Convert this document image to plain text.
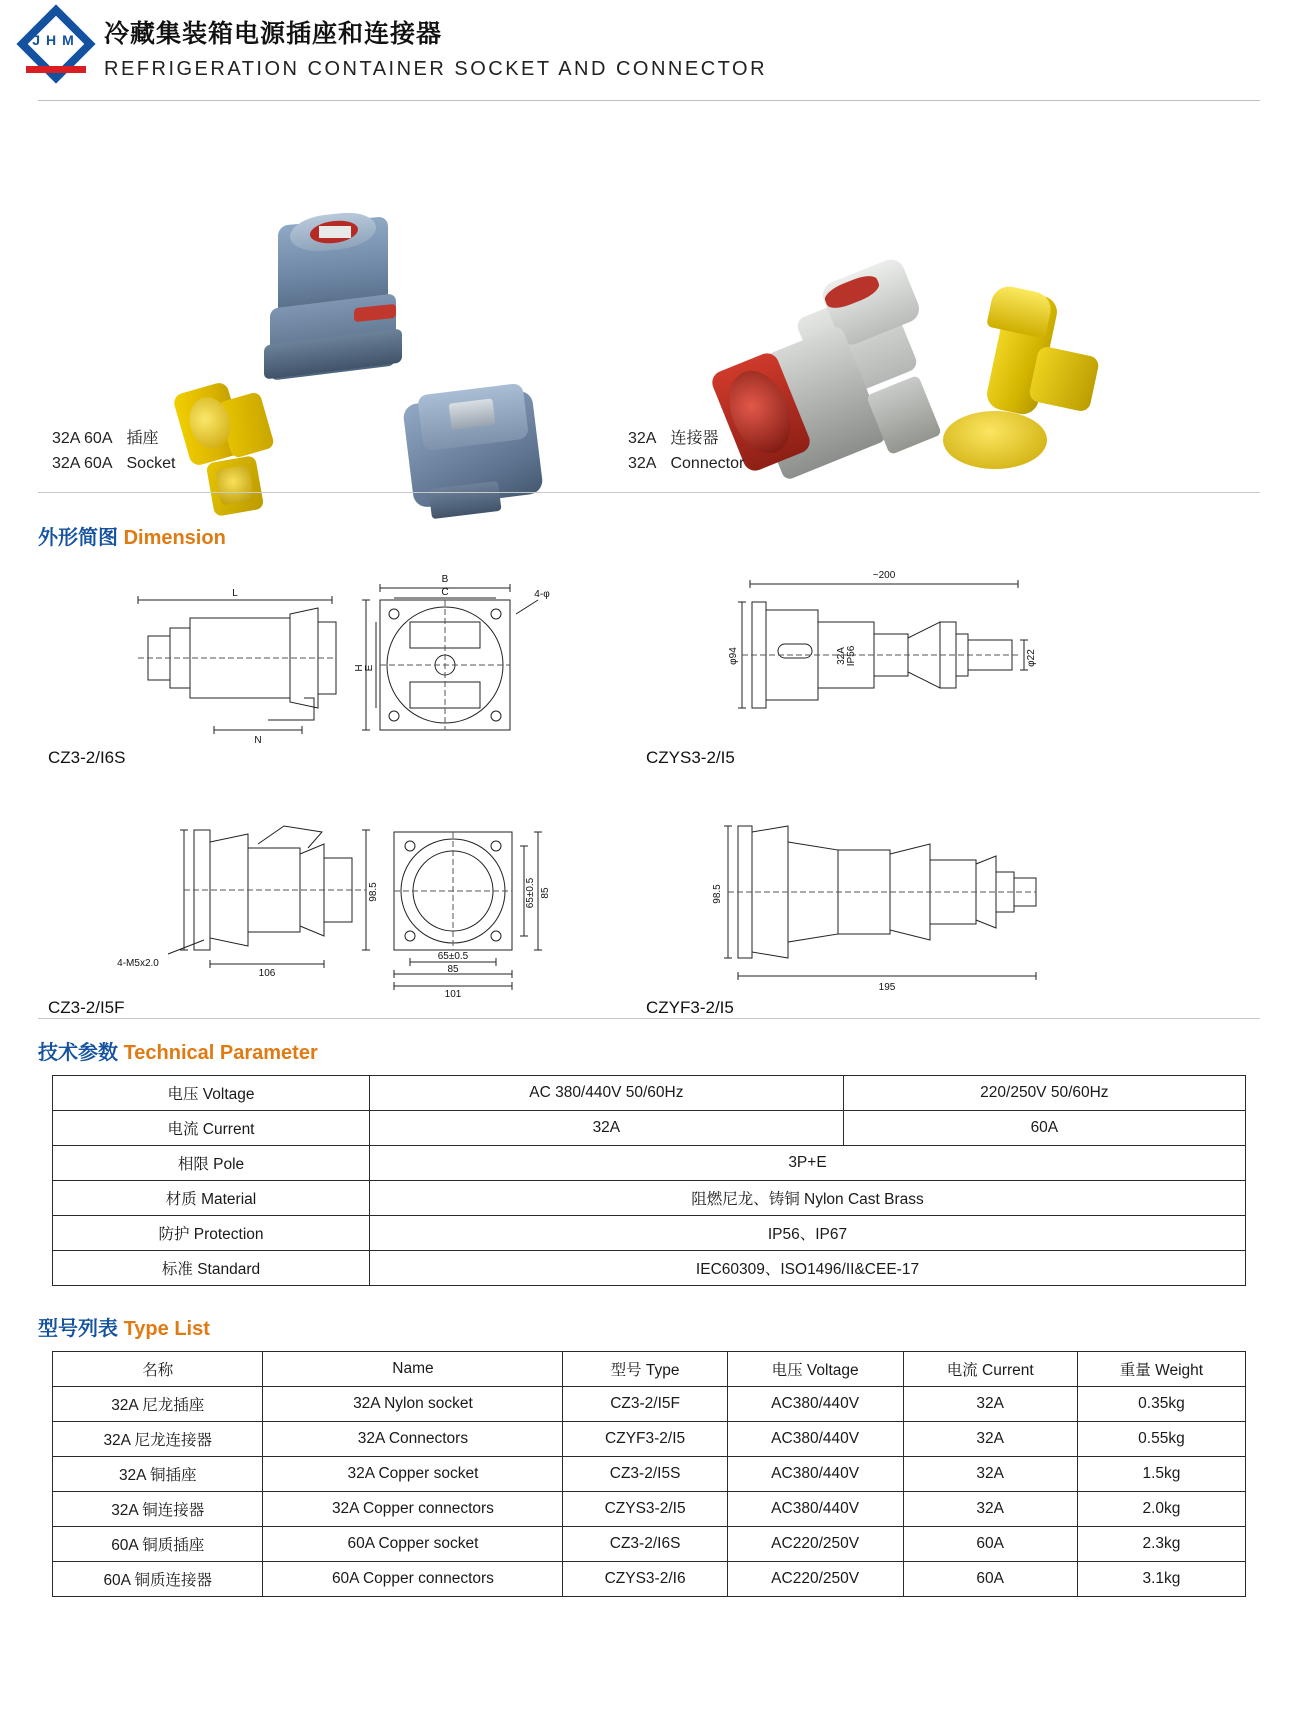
JHM 冷藏集装箱电源插座和连接器
REFRIGERATION CONTAINER SOCKET AND CONNECTOR
32A 60A 插座
32A 60A Socket
32A 连接器
32A Connector
外形简图 Dimension
L
N
B
C	4-φ
H E
CZ3-2/I6S
~200
φ94	IP56
32A	φ22
CZYS3-2/I5
98.5
106
4-M5x2.0
65±0.5
85
101
65±0.5 85
CZ3-2/I5F
98.5
195
CZYF3-2/I5
技术参数 Technical Parameter
电压 Voltage	AC 380/440V 50/60Hz	220/250V 50/60Hz
电流 Current	32A	60A
相限 Pole	3P+E	
材质 Material	阻燃尼龙、铸铜 Nylon Cast Brass	
防护 Protection	IP56、IP67	
标准 Standard	IEC60309、ISO1496/II&CEE-17	
型号列表 Type List
名称	Name	型号 Type	电压 Voltage	电流 Current	重量 Weight
32A 尼龙插座	32A Nylon socket	CZ3-2/I5F	AC380/440V	32A	0.35kg
32A 尼龙连接器	32A Connectors	CZYF3-2/I5	AC380/440V	32A	0.55kg
32A 铜插座	32A Copper socket	CZ3-2/I5S	AC380/440V	32A	1.5kg
32A 铜连接器	32A Copper connectors	CZYS3-2/I5	AC380/440V	32A	2.0kg
60A 铜质插座	60A Copper socket	CZ3-2/I6S	AC220/250V	60A	2.3kg
60A 铜质连接器	60A Copper connectors	CZYS3-2/I6	AC220/250V	60A	3.1kg
